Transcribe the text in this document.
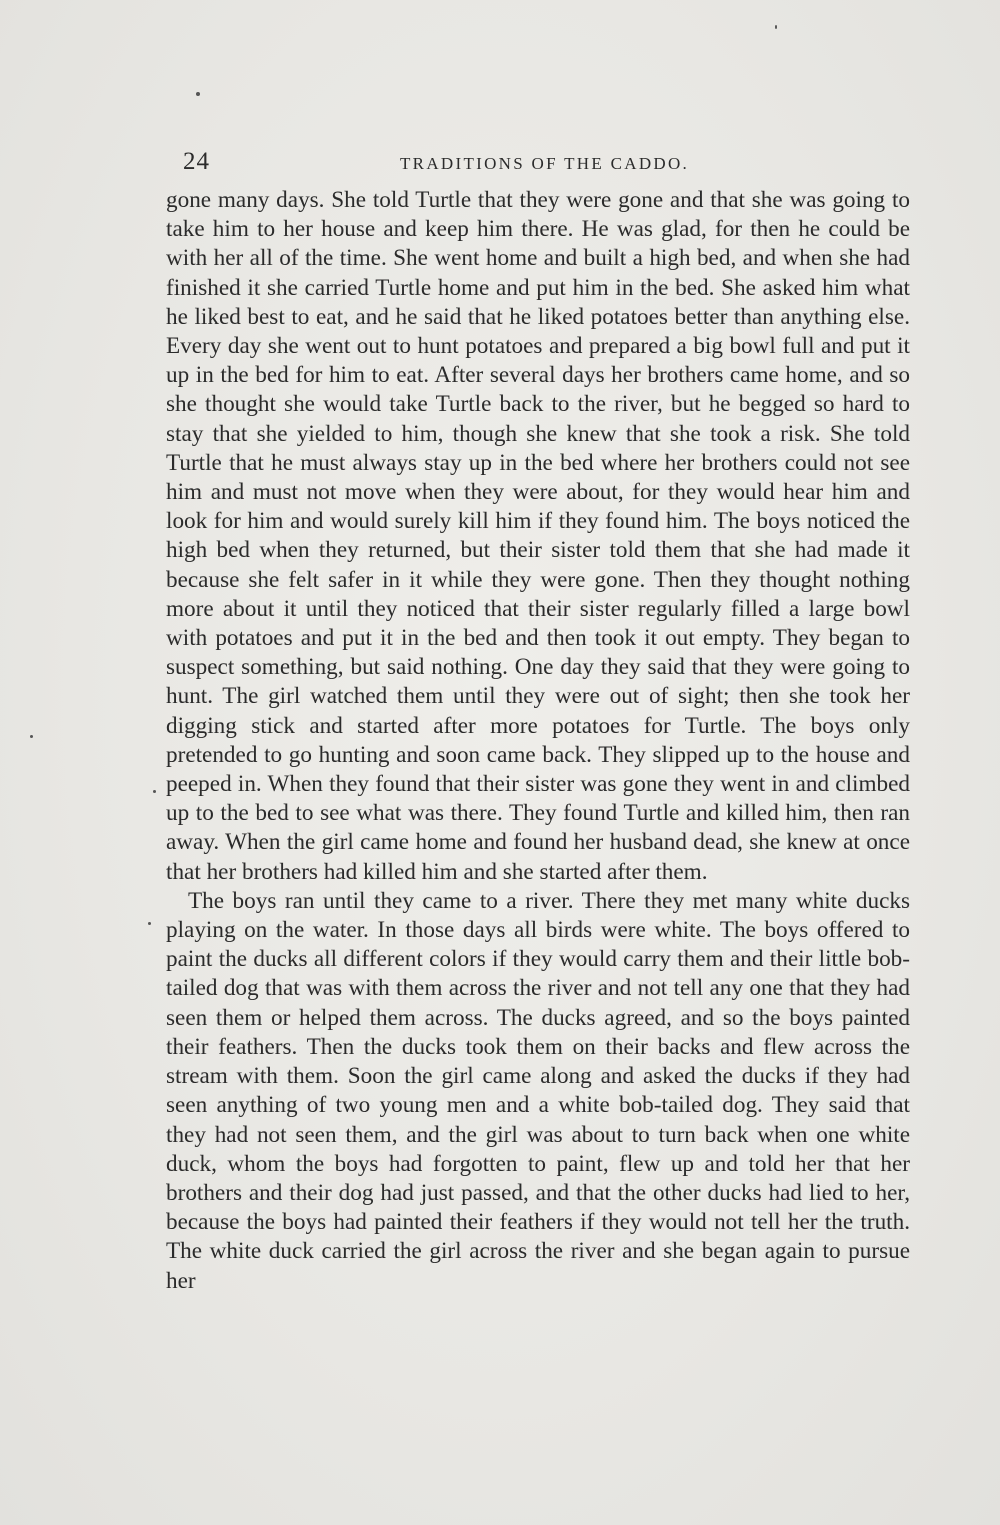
24	TRADITIONS OF THE CADDO.

gone many days. She told Turtle that they were gone and that she was going to take him to her house and keep him there. He was glad, for then he could be with her all of the time. She went home and built a high bed, and when she had finished it she carried Turtle home and put him in the bed. She asked him what he liked best to eat, and he said that he liked potatoes better than anything else. Every day she went out to hunt potatoes and prepared a big bowl full and put it up in the bed for him to eat. After several days her brothers came home, and so she thought she would take Turtle back to the river, but he begged so hard to stay that she yielded to him, though she knew that she took a risk. She told Turtle that he must always stay up in the bed where her brothers could not see him and must not move when they were about, for they would hear him and look for him and would surely kill him if they found him. The boys noticed the high bed when they returned, but their sister told them that she had made it because she felt safer in it while they were gone. Then they thought nothing more about it until they noticed that their sister regularly filled a large bowl with potatoes and put it in the bed and then took it out empty. They began to suspect something, but said nothing. One day they said that they were going to hunt. The girl watched them until they were out of sight; then she took her digging stick and started after more potatoes for Turtle. The boys only pretended to go hunting and soon came back. They slipped up to the house and peeped in. When they found that their sister was gone they went in and climbed up to the bed to see what was there. They found Turtle and killed him, then ran away. When the girl came home and found her husband dead, she knew at once that her brothers had killed him and she started after them.

The boys ran until they came to a river. There they met many white ducks playing on the water. In those days all birds were white. The boys offered to paint the ducks all different colors if they would carry them and their little bob-tailed dog that was with them across the river and not tell any one that they had seen them or helped them across. The ducks agreed, and so the boys painted their feathers. Then the ducks took them on their backs and flew across the stream with them. Soon the girl came along and asked the ducks if they had seen anything of two young men and a white bob-tailed dog. They said that they had not seen them, and the girl was about to turn back when one white duck, whom the boys had forgotten to paint, flew up and told her that her brothers and their dog had just passed, and that the other ducks had lied to her, because the boys had painted their feathers if they would not tell her the truth. The white duck carried the girl across the river and she began again to pursue her
